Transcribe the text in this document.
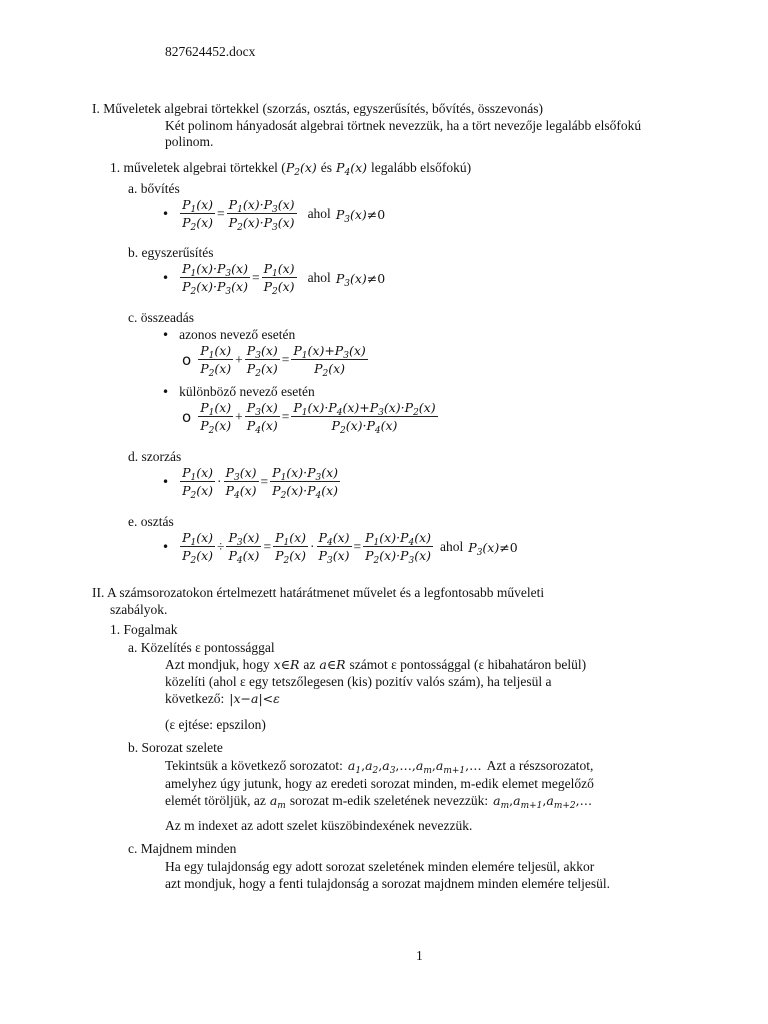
827624452.docx
I. Műveletek algebrai törtekkel (szorzás, osztás, egyszerűsítés, bővítés, összevonás)
Két polinom hányadosát algebrai törtnek nevezzük, ha a tört nevezője legalább elsőfokú polinom.
1. műveletek algebrai törtekkel ( $P_2(x)$ és $P_4(x)$ legalább elsőfokú)
a. bővítés
• $\frac{P_1(x)}{P_2(x)} = \frac{P_1(x)\cdot P_3(x)}{P_2(x)\cdot P_3(x)}$ ahol $P_3(x)\ne 0$
b. egyszerűsítés
• $\frac{P_1(x)\cdot P_3(x)}{P_2(x)\cdot P_3(x)} = \frac{P_1(x)}{P_2(x)}$ ahol $P_3(x)\ne 0$
c. összeadás
• azonos nevező esetén
o $\frac{P_1(x)}{P_2(x)} + \frac{P_3(x)}{P_2(x)} = \frac{P_1(x)+P_3(x)}{P_2(x)}$
• különböző nevező esetén
o $\frac{P_1(x)}{P_2(x)} + \frac{P_3(x)}{P_4(x)} = \frac{P_1(x)\cdot P_4(x)+P_3(x)\cdot P_2(x)}{P_2(x)\cdot P_4(x)}$
d. szorzás
• $\frac{P_1(x)}{P_2(x)} \cdot \frac{P_3(x)}{P_4(x)} = \frac{P_1(x)\cdot P_3(x)}{P_2(x)\cdot P_4(x)}$
e. osztás
• $\frac{P_1(x)}{P_2(x)} \div \frac{P_3(x)}{P_4(x)} = \frac{P_1(x)}{P_2(x)} \cdot \frac{P_4(x)}{P_3(x)} = \frac{P_1(x)\cdot P_4(x)}{P_2(x)\cdot P_3(x)}$ ahol $P_3(x)\ne 0$
II. A számsorozatokon értelmezett határátmenet művelet és a legfontosabb műveleti
szabályok.
1. Fogalmak
a. Közelítés ε pontossággal
Azt mondjuk, hogy x∈R az a∈R számot ε pontossággal (ε hibahatáron belül)
közelíti (ahol ε egy tetszőlegesen (kis) pozitív valós szám), ha teljesül a
következő: |x−a|<ε
(ε ejtése: epszilon)
b. Sorozat szelete
Tekintsük a következő sorozatot: $a_1,a_2,a_3,\dots,a_m,a_{m+1},\dots$ Azt a részsorozatot,
amelyhez úgy jutunk, hogy az eredeti sorozat minden, m-edik elemet megelőző
elemét töröljük, az $a_m$ sorozat m-edik szeletének nevezzük: $a_m,a_{m+1},a_{m+2},\dots$
Az m indexet az adott szelet küszöbindexének nevezzük.
c. Majdnem minden
Ha egy tulajdonság egy adott sorozat szeletének minden elemére teljesül, akkor
azt mondjuk, hogy a fenti tulajdonság a sorozat majdnem minden elemére teljesül.
1
